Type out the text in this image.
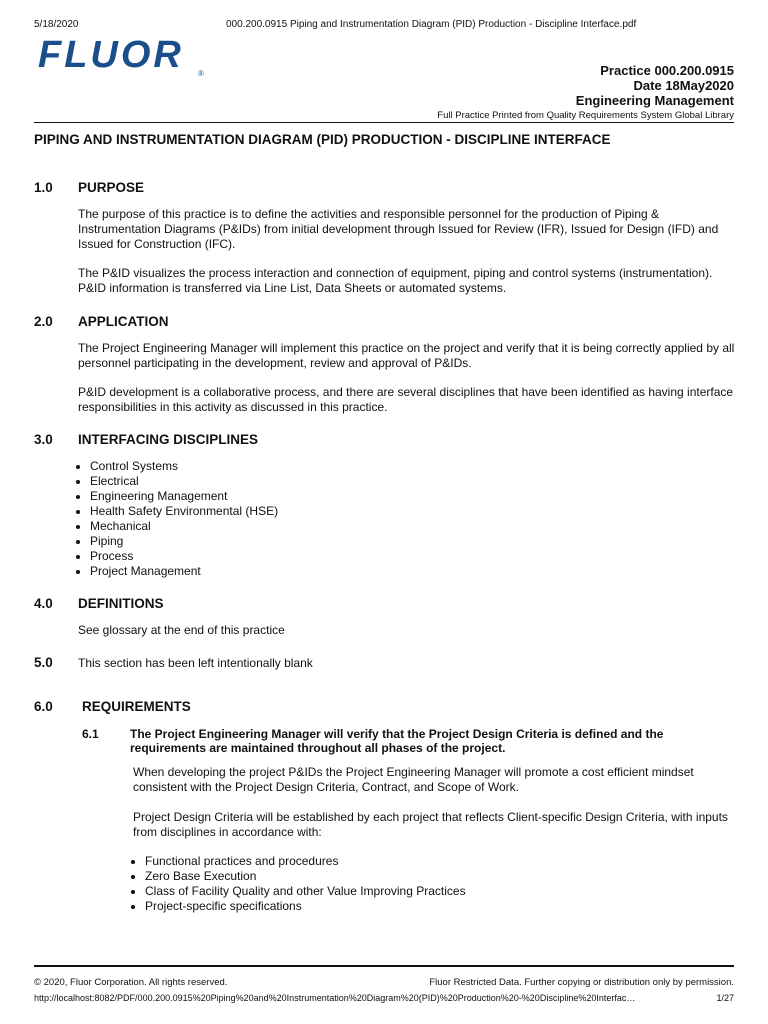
5/18/2020	000.200.0915 Piping and Instrumentation Diagram (PID) Production - Discipline Interface.pdf
FLUOR ®	Practice 000.200.0915
Date 18May2020
Engineering Management
Full Practice Printed from Quality Requirements System Global Library
PIPING AND INSTRUMENTATION DIAGRAM (PID) PRODUCTION - DISCIPLINE INTERFACE
1.0 PURPOSE
The purpose of this practice is to define the activities and responsible personnel for the production of Piping & Instrumentation Diagrams (P&IDs) from initial development through Issued for Review (IFR), Issued for Design (IFD) and Issued for Construction (IFC).
The P&ID visualizes the process interaction and connection of equipment, piping and control systems (instrumentation). P&ID information is transferred via Line List, Data Sheets or automated systems.
2.0 APPLICATION
The Project Engineering Manager will implement this practice on the project and verify that it is being correctly applied by all personnel participating in the development, review and approval of P&IDs.
P&ID development is a collaborative process, and there are several disciplines that have been identified as having interface responsibilities in this activity as discussed in this practice.
3.0 INTERFACING DISCIPLINES
• Control Systems
• Electrical
• Engineering Management
• Health Safety Environmental (HSE)
• Mechanical
• Piping
• Process
• Project Management
4.0 DEFINITIONS
See glossary at the end of this practice
5.0 This section has been left intentionally blank
6.0 REQUIREMENTS
6.1	The Project Engineering Manager will verify that the Project Design Criteria is defined and the requirements are maintained throughout all phases of the project.
When developing the project P&IDs the Project Engineering Manager will promote a cost efficient mindset consistent with the Project Design Criteria, Contract, and Scope of Work.
Project Design Criteria will be established by each project that reflects Client-specific Design Criteria, with inputs from disciplines in accordance with:
• Functional practices and procedures
• Zero Base Execution
• Class of Facility Quality and other Value Improving Practices
• Project-specific specifications
© 2020, Fluor Corporation. All rights reserved.	Fluor Restricted Data. Further copying or distribution only by permission.
http://localhost:8082/PDF/000.200.0915%20Piping%20and%20Instrumentation%20Diagram%20(PID)%20Production%20-%20Discipline%20Interfac…	1/27
